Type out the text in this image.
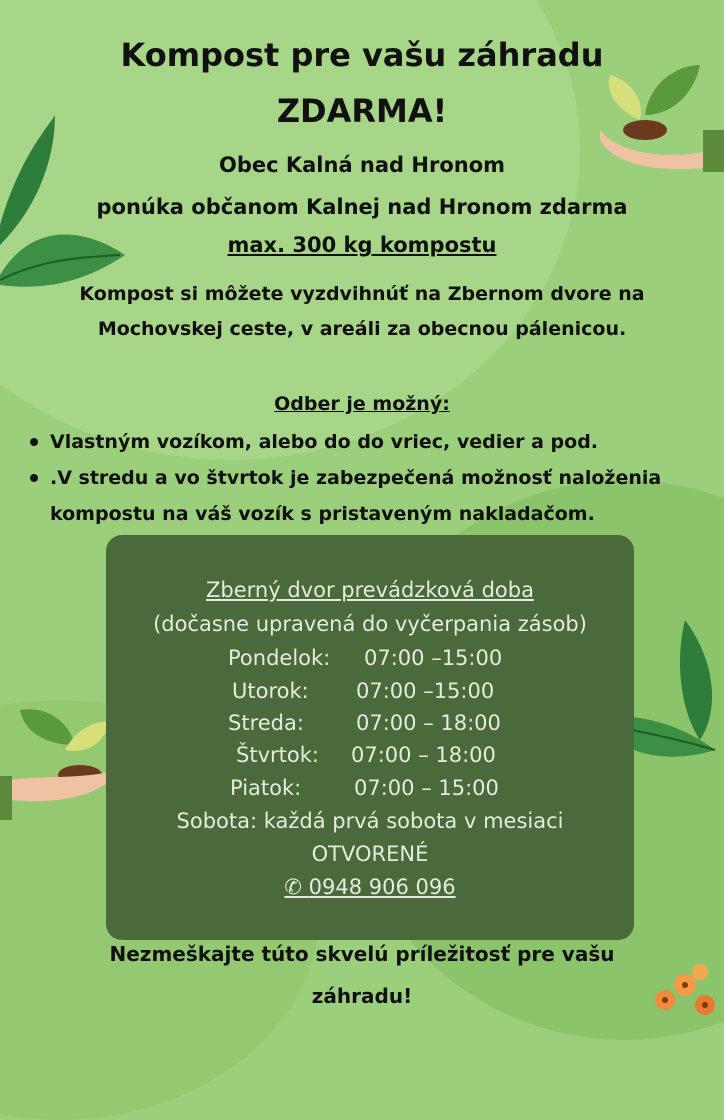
Kompost pre vašu záhradu
ZDARMA!
Obec Kalná nad Hronom
ponúka občanom Kalnej nad Hronom zdarma
max. 300 kg kompostu
Kompost si môžete vyzdvihnúť na Zbernom dvore na
Mochovskej ceste, v areáli za obecnou pálenicou.
Odber je možný:
Vlastným vozíkom, alebo do do vriec, vedier a pod.
.V stredu a vo štvrtok je zabezpečená možnosť naloženia kompostu na váš vozík s pristaveným nakladačom.
Zberný dvor prevádzková doba
(dočasne upravená do vyčerpania zásob)
Pondelok: 07:00 –15:00
Utorok: 07:00 –15:00
Streda: 07:00 – 18:00
Štvrtok: 07:00 – 18:00
Piatok:	07:00 – 15:00
Sobota: každá prvá sobota v mesiaci
OTVORENÉ
✆ 0948 906 096
Nezmeškajte túto skvelú príležitosť pre vašu
záhradu!
